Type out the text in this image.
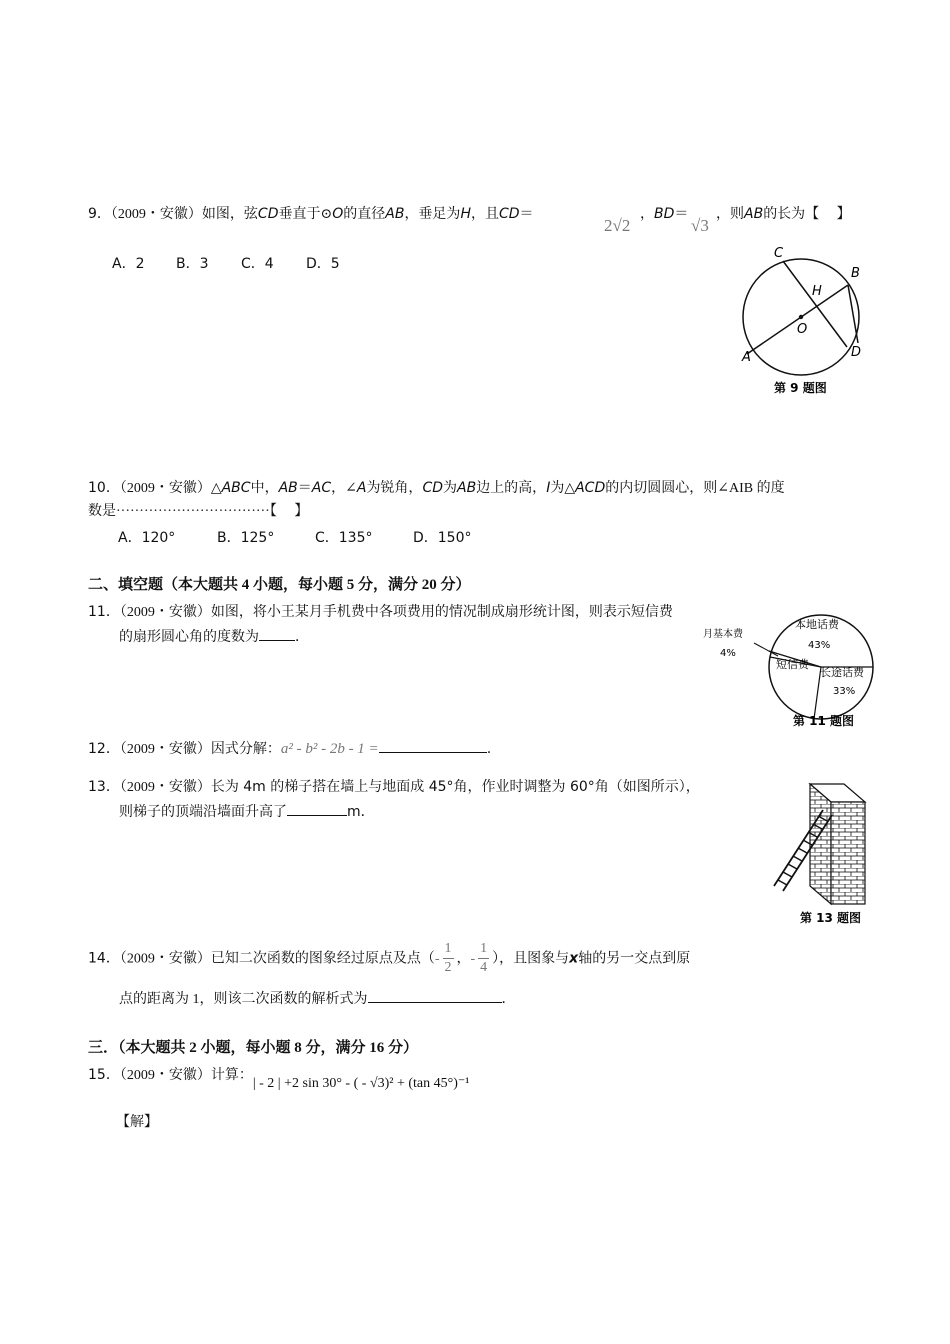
9．（2009・安徽）如图，弦CD垂直于⊙O的直径AB，垂足为H，且CD＝
2√2
，BD＝
√3
，则AB的长为【　 】
A．2 B．3 C．4 D．5
C
B
H
O
A	D
第 9 题图
10．（2009・安徽）△ABC中，AB＝AC，∠A为锐角，CD为AB边上的高，I为△ACD的内切圆圆心，则∠AIB 的度
数是·································【　 】
A．120°	B．125°	C．135°	D．150°
二、填空题（本大题共 4 小题，每小题 5 分，满分 20 分）
11．（2009・安徽）如图，将小王某月手机费中各项费用的情况制成扇形统计图，则表示短信费
的扇形圆心角的度数为	．
本地话费
43%
月基本费
4%
短信费
长途话费
33%
第 11 题图
12．（2009・安徽）因式分解：a² - b² - 2b - 1 =	.
13．（2009・安徽）长为 4m 的梯子搭在墙上与地面成 45°角，作业时调整为 60°角（如图所示），
则梯子的顶端沿墙面升高了	m．
第 13 题图
14．（2009・安徽）已知二次函数的图象经过原点及点（- $\frac{1}{2}$ ，- $\frac{1}{4}$ ），且图象与x轴的另一交点到原
点的距离为 1，则该二次函数的解析式为	．
三．（本大题共 2 小题，每小题 8 分，满分 16 分）
15．（2009・安徽）计算：| - 2 | +2 sin 30° - ( - √3)² + (tan 45°)⁻¹
【解】
